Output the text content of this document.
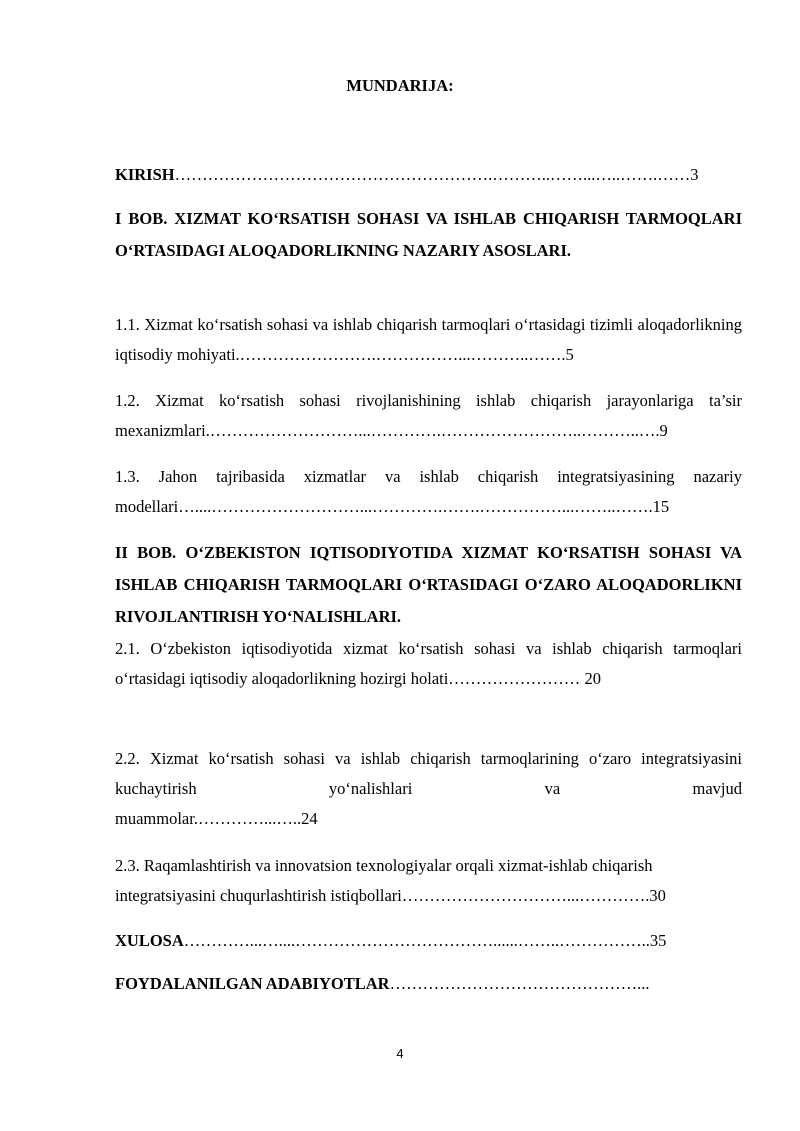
MUNDARIJA:
KIRISH………………………………………………….………..……...…..…….……3
I BOB. XIZMAT KO‘RSATISH SOHASI VA ISHLAB CHIQARISH TARMOQLARI O‘RTASIDAGI ALOQADORLIKNING NAZARIY ASOSLARI.
1.1. Xizmat ko‘rsatish sohasi va ishlab chiqarish tarmoqlari o‘rtasidagi tizimli aloqadorlikning iqtisodiy mohiyati.…………………….……………...………..…….5
1.2. Xizmat ko‘rsatish sohasi rivojlanishining ishlab chiqarish jarayonlariga ta’sir mexanizmlari.………………………...………….……………………..………..….9
1.3. Jahon tajribasida xizmatlar va ishlab chiqarish integratsiyasining nazariy modellari…....………………………...………….…….……………...……..…….15
II BOB. O‘ZBEKISTON IQTISODIYOTIDA XIZMAT KO‘RSATISH SOHASI VA ISHLAB CHIQARISH TARMOQLARI O‘RTASIDAGI O‘ZARO ALOQADORLIKNI RIVOJLANTIRISH YO‘NALISHLARI.
2.1. O‘zbekiston iqtisodiyotida xizmat ko‘rsatish sohasi va ishlab chiqarish tarmoqlari o‘rtasidagi iqtisodiy aloqadorlikning hozirgi holati…………………… 20
2.2. Xizmat ko‘rsatish sohasi va ishlab chiqarish tarmoqlarining o‘zaro integratsiyasini kuchaytirish yo‘nalishlari va mavjud
muammolar.…………...…..24
2.3. Raqamlashtirish va innovatsion texnologiyalar orqali xizmat-ishlab chiqarish
integratsiyasini chuqurlashtirish istiqbollari…………………………...………….30
XULOSA…………...…....………………………………......……..……………..35
FOYDALANILGAN ADABIYOTLAR………………………………………...
4
